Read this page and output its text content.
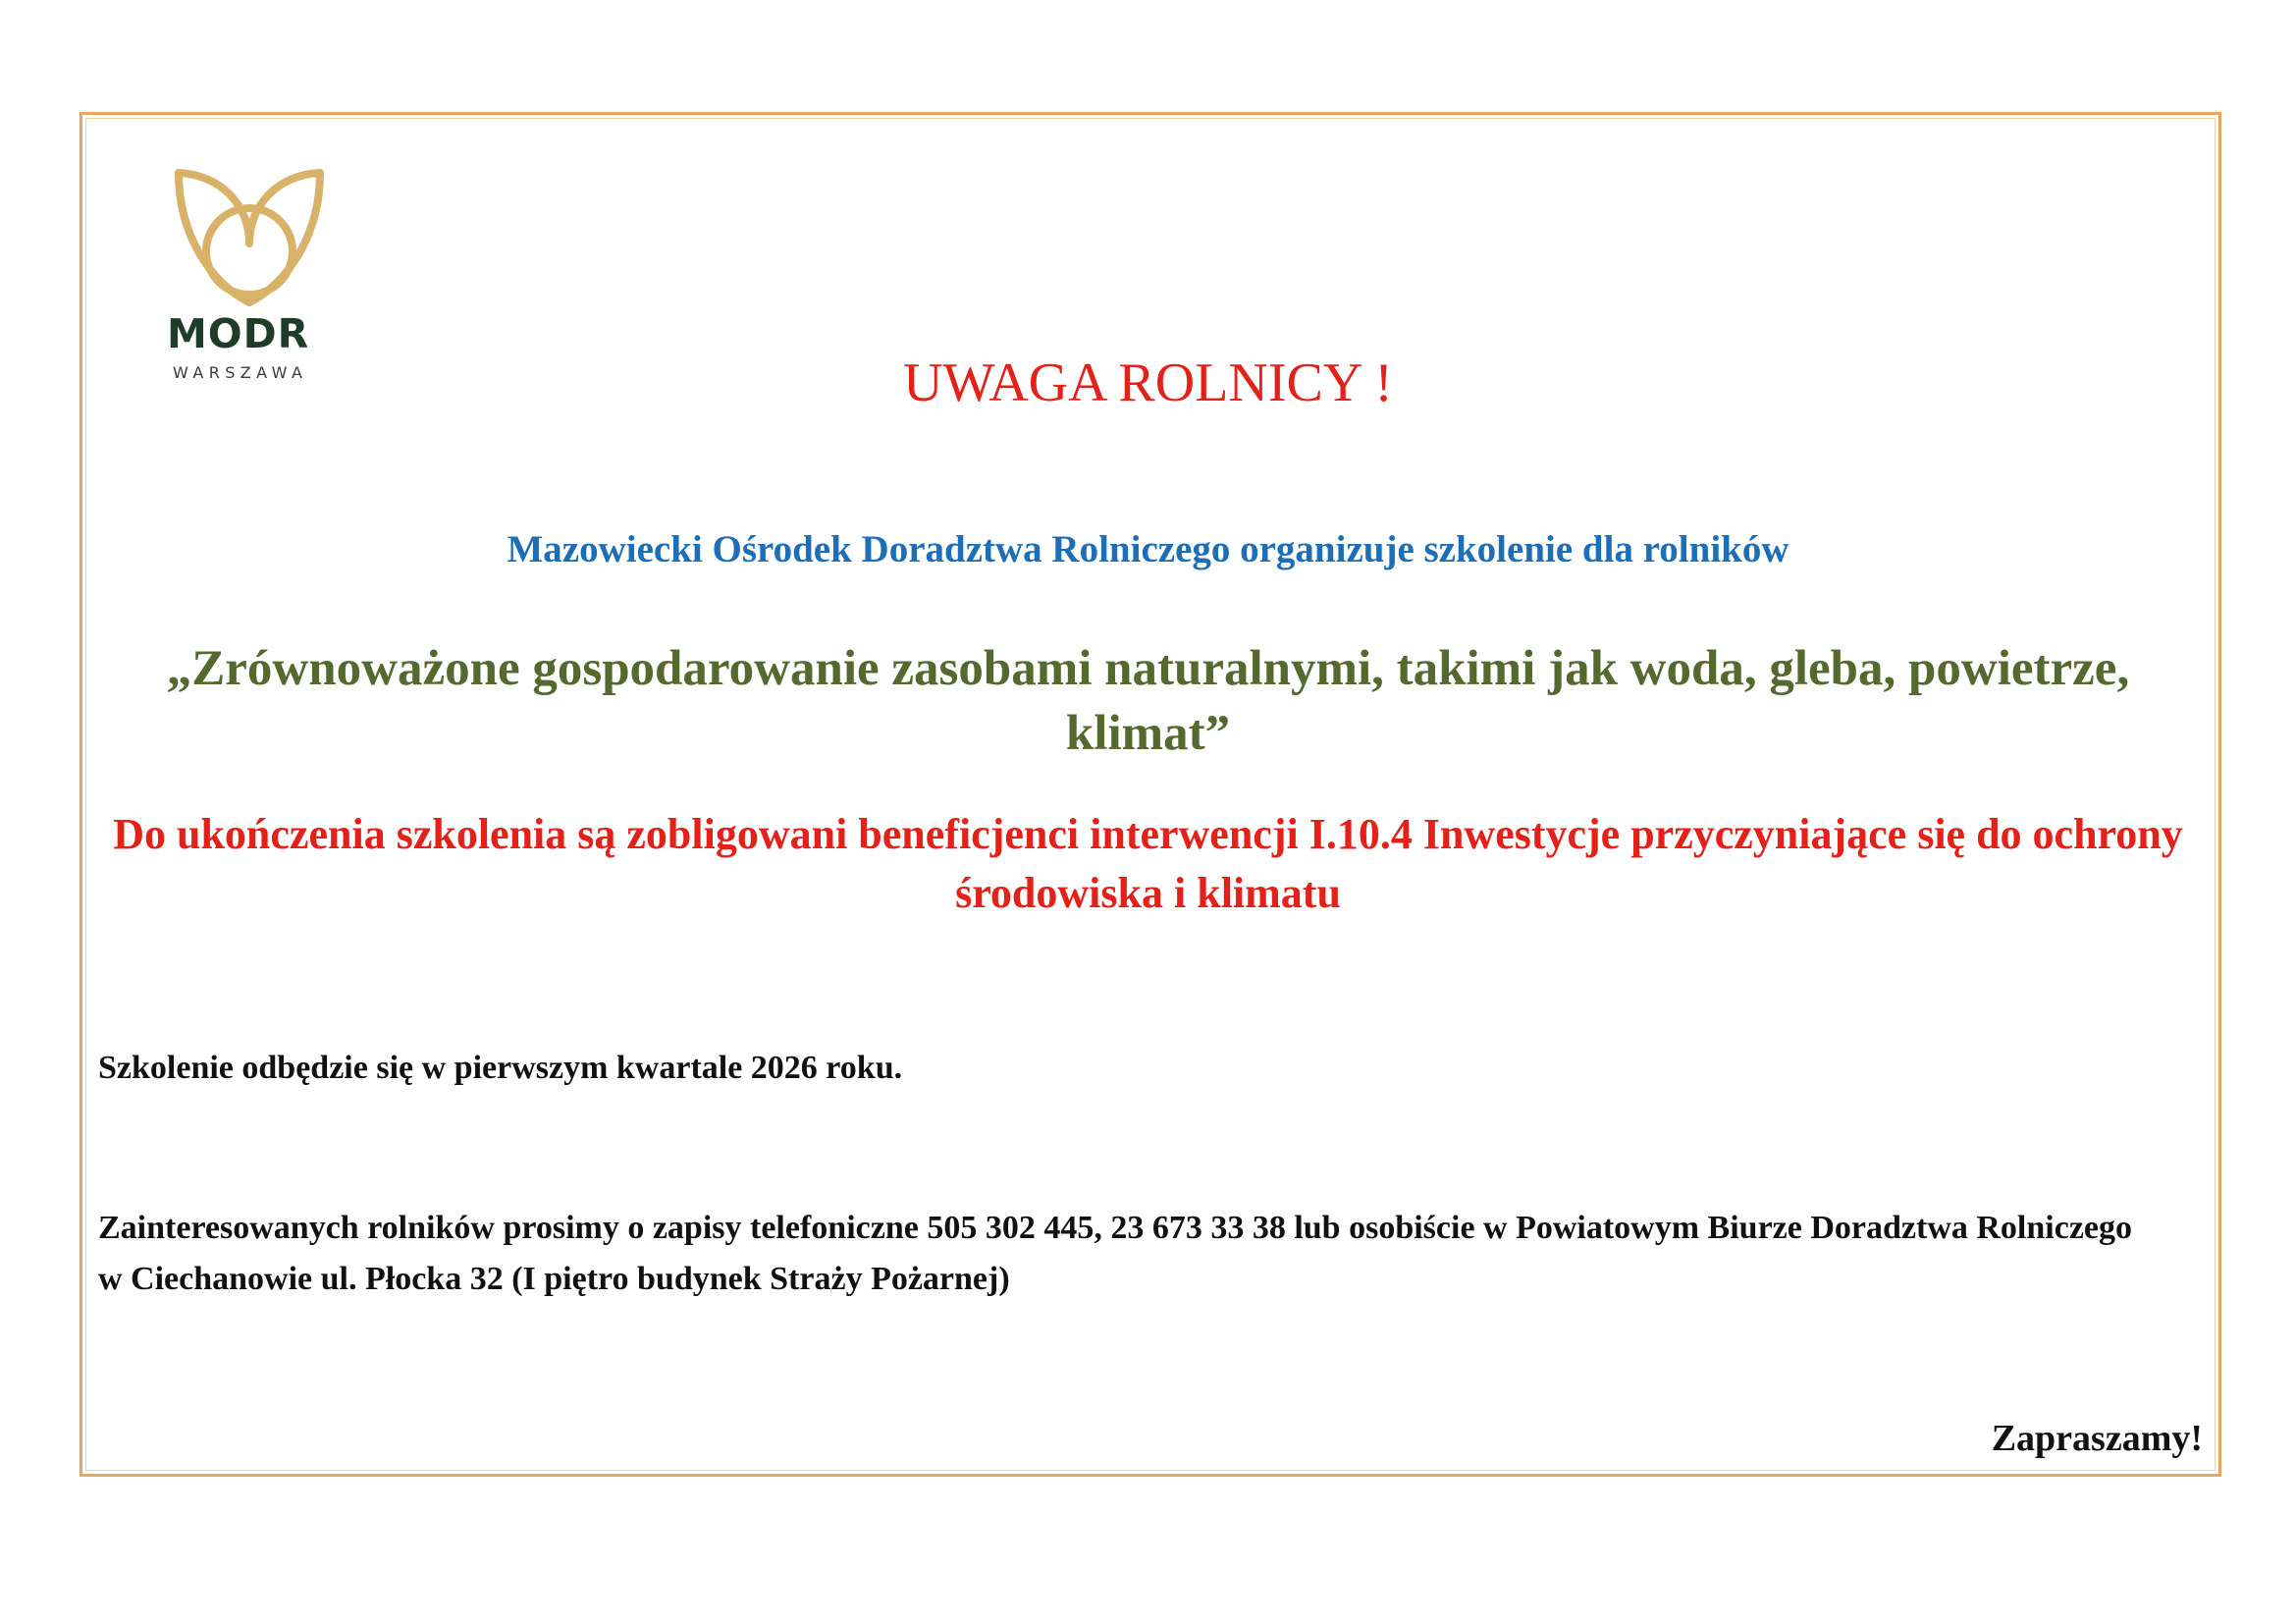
MODR
WARSZAWA	UWAGA ROLNICY !
Mazowiecki Ośrodek Doradztwa Rolniczego organizuje szkolenie dla rolników
„Zrównoważone gospodarowanie zasobami naturalnymi, takimi jak woda, gleba, powietrze, klimat”
Do ukończenia szkolenia są zobligowani beneficjenci interwencji I.10.4 Inwestycje przyczyniające się do ochrony środowiska i klimatu
Szkolenie odbędzie się w pierwszym kwartale 2026 roku.
Zainteresowanych rolników prosimy o zapisy telefoniczne 505 302 445, 23 673 33 38 lub osobiście w Powiatowym Biurze Doradztwa Rolniczego w Ciechanowie ul. Płocka 32 (I piętro budynek Straży Pożarnej)
Zapraszamy!
